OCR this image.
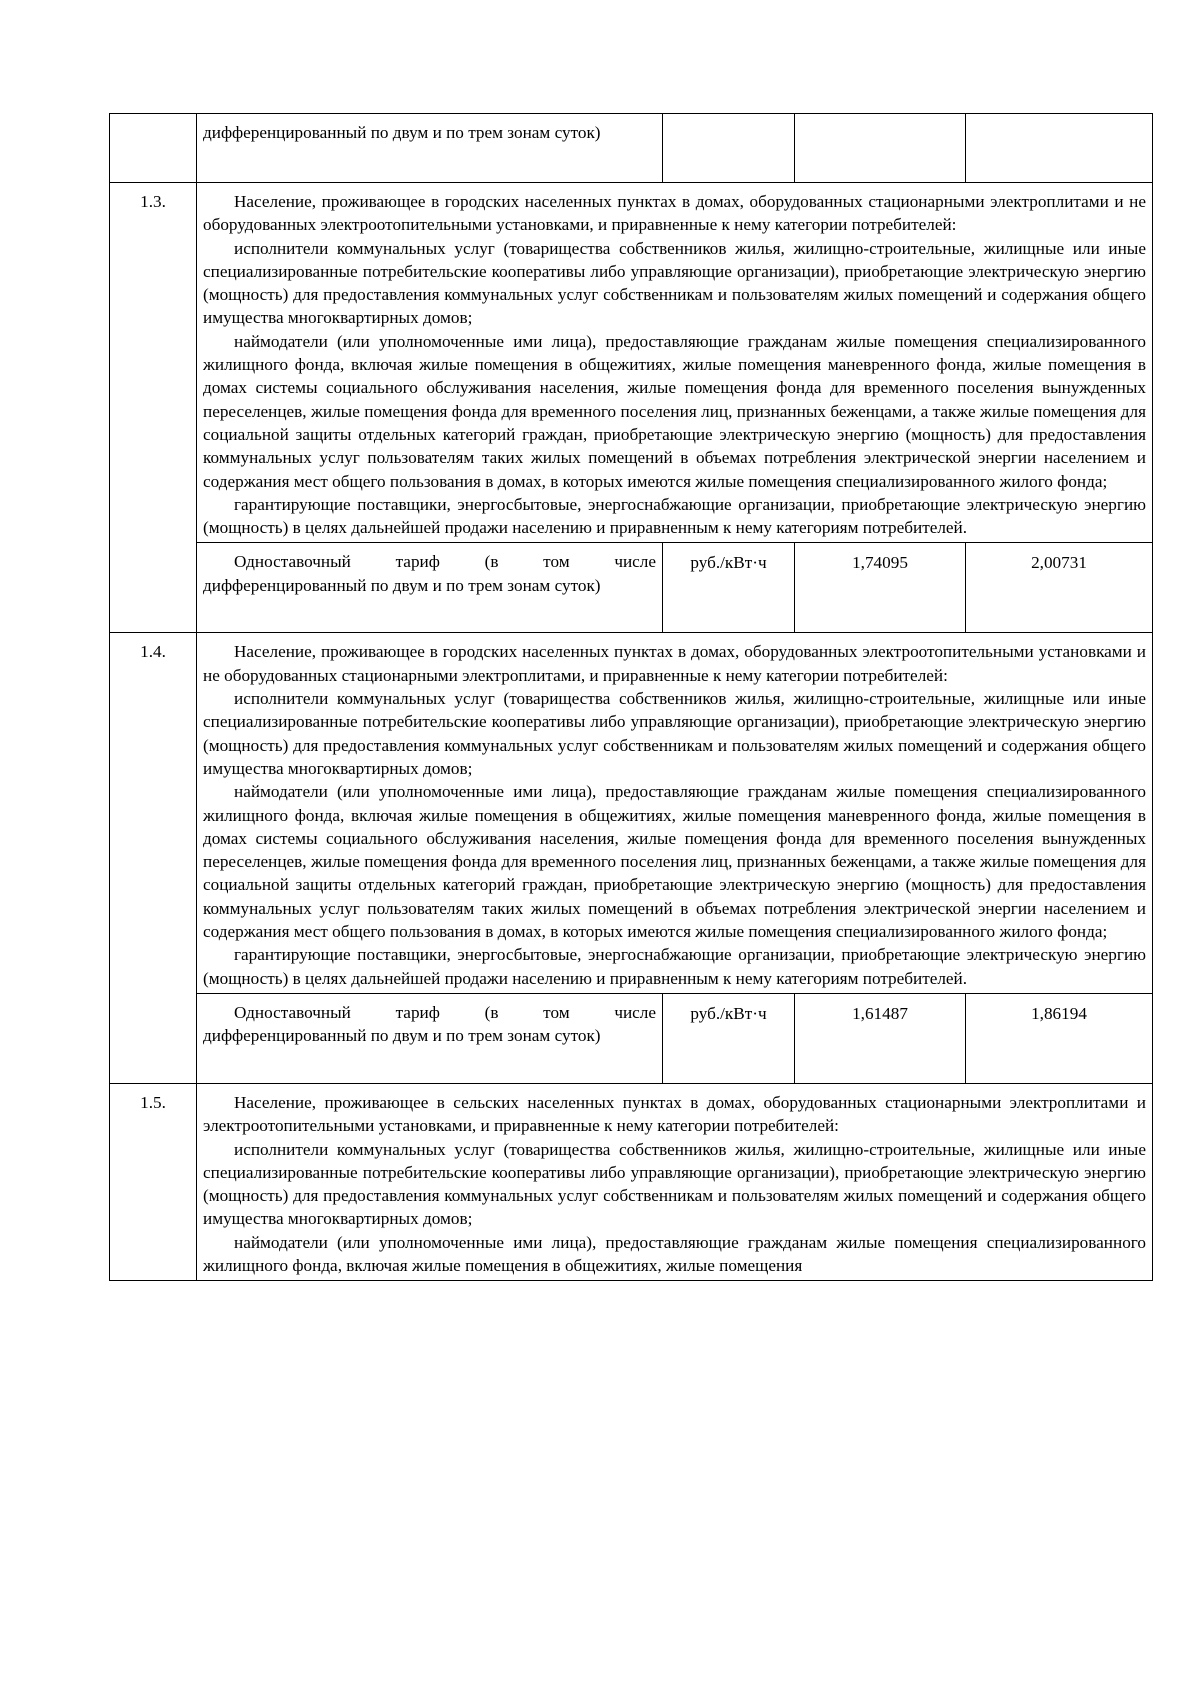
	дифференцированный по двум и по трем зонам суток)			

1.3.	Население, проживающее в городских населенных пунктах в домах, оборудованных стационарными электроплитами и не оборудованных электроотопительными установками, и приравненные к нему категории потребителей:

исполнители коммунальных услуг (товарищества собственников жилья, жилищно-строительные, жилищные или иные специализированные потребительские кооперативы либо управляющие организации), приобретающие электрическую энергию (мощность) для предоставления коммунальных услуг собственникам и пользователям жилых помещений и содержания общего имущества многоквартирных домов;

наймодатели (или уполномоченные ими лица), предоставляющие гражданам жилые помещения специализированного жилищного фонда, включая жилые помещения в общежитиях, жилые помещения маневренного фонда, жилые помещения в домах системы социального обслуживания населения, жилые помещения фонда для временного поселения вынужденных переселенцев, жилые помещения фонда для временного поселения лиц, признанных беженцами, а также жилые помещения для социальной защиты отдельных категорий граждан, приобретающие электрическую энергию (мощность) для предоставления коммунальных услуг пользователям таких жилых помещений в объемах потребления электрической энергии населением и содержания мест общего пользования в домах, в которых имеются жилые помещения специализированного жилого фонда;

гарантирующие поставщики, энергосбытовые, энергоснабжающие организации, приобретающие электрическую энергию (мощность) в целях дальнейшей продажи населению и приравненным к нему категориям потребителей.			

	Одноставочный тариф (в том числе дифференцированный по двум и по трем зонам суток)	руб./кВт·ч	1,74095	2,00731
1.4.	Население, проживающее в городских населенных пунктах в домах, оборудованных электроотопительными установками и не оборудованных стационарными электроплитами, и приравненные к нему категории потребителей:

исполнители коммунальных услуг (товарищества собственников жилья, жилищно-строительные, жилищные или иные специализированные потребительские кооперативы либо управляющие организации), приобретающие электрическую энергию (мощность) для предоставления коммунальных услуг собственникам и пользователям жилых помещений и содержания общего имущества многоквартирных домов;

наймодатели (или уполномоченные ими лица), предоставляющие гражданам жилые помещения специализированного жилищного фонда, включая жилые помещения в общежитиях, жилые помещения маневренного фонда, жилые помещения в домах системы социального обслуживания населения, жилые помещения фонда для временного поселения вынужденных переселенцев, жилые помещения фонда для временного поселения лиц, признанных беженцами, а также жилые помещения для социальной защиты отдельных категорий граждан, приобретающие электрическую энергию (мощность) для предоставления коммунальных услуг пользователям таких жилых помещений в объемах потребления электрической энергии населением и содержания мест общего пользования в домах, в которых имеются жилые помещения специализированного жилого фонда;

гарантирующие поставщики, энергосбытовые, энергоснабжающие организации, приобретающие электрическую энергию (мощность) в целях дальнейшей продажи населению и приравненным к нему категориям потребителей.			

	Одноставочный тариф (в том числе дифференцированный по двум и по трем зонам суток)	руб./кВт·ч	1,61487	1,86194
1.5.	Население, проживающее в сельских населенных пунктах в домах, оборудованных стационарными электроплитами и электроотопительными установками, и приравненные к нему категории потребителей:

исполнители коммунальных услуг (товарищества собственников жилья, жилищно-строительные, жилищные или иные специализированные потребительские кооперативы либо управляющие организации), приобретающие электрическую энергию (мощность) для предоставления коммунальных услуг собственникам и пользователям жилых помещений и содержания общего имущества многоквартирных домов;

наймодатели (или уполномоченные ими лица), предоставляющие гражданам жилые помещения специализированного жилищного фонда, включая жилые помещения в общежитиях, жилые помещения			
